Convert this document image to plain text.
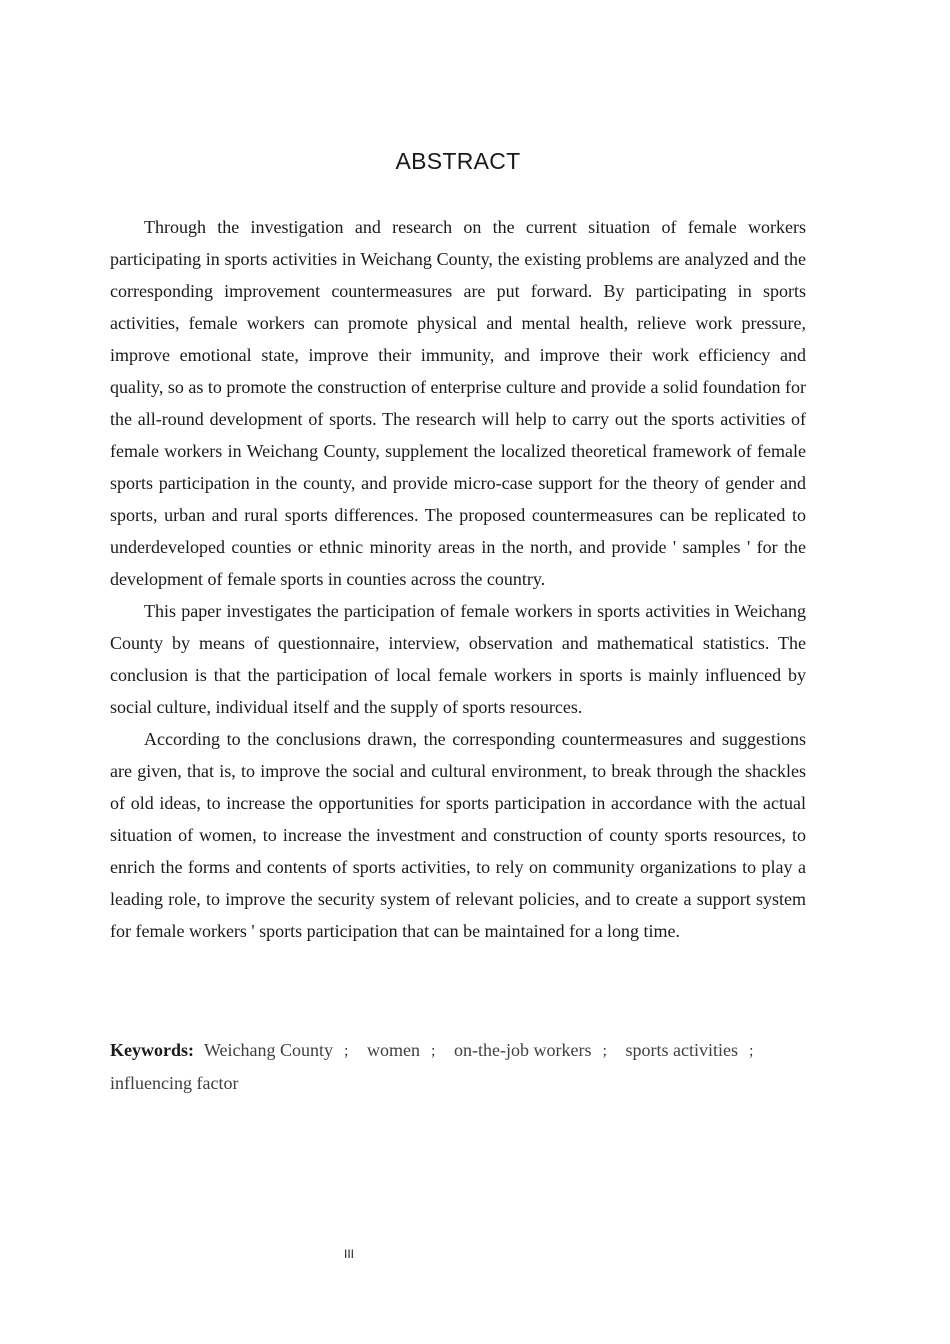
ABSTRACT

Through the investigation and research on the current situation of female workers participating in sports activities in Weichang County, the existing problems are analyzed and the corresponding improvement countermeasures are put forward. By participating in sports activities, female workers can promote physical and mental health, relieve work pressure, improve emotional state, improve their immunity, and improve their work efficiency and quality, so as to promote the construction of enterprise culture and provide a solid foundation for the all-round development of sports. The research will help to carry out the sports activities of female workers in Weichang County, supplement the localized theoretical framework of female sports participation in the county, and provide micro-case support for the theory of gender and sports, urban and rural sports differences. The proposed countermeasures can be replicated to underdeveloped counties or ethnic minority areas in the north, and provide ' samples ' for the development of female sports in counties across the country.

This paper investigates the participation of female workers in sports activities in Weichang County by means of questionnaire, interview, observation and mathematical statistics. The conclusion is that the participation of local female workers in sports is mainly influenced by social culture, individual itself and the supply of sports resources.

According to the conclusions drawn, the corresponding countermeasures and suggestions are given, that is, to improve the social and cultural environment, to break through the shackles of old ideas, to increase the opportunities for sports participation in accordance with the actual situation of women, to increase the investment and construction of county sports resources, to enrich the forms and contents of sports activities, to rely on community organizations to play a leading role, to improve the security system of relevant policies, and to create a support system for female workers ' sports participation that can be maintained for a long time.

Keywords: Weichang County ； women ； on-the-job workers ； sports activities ；
influencing factor
III
